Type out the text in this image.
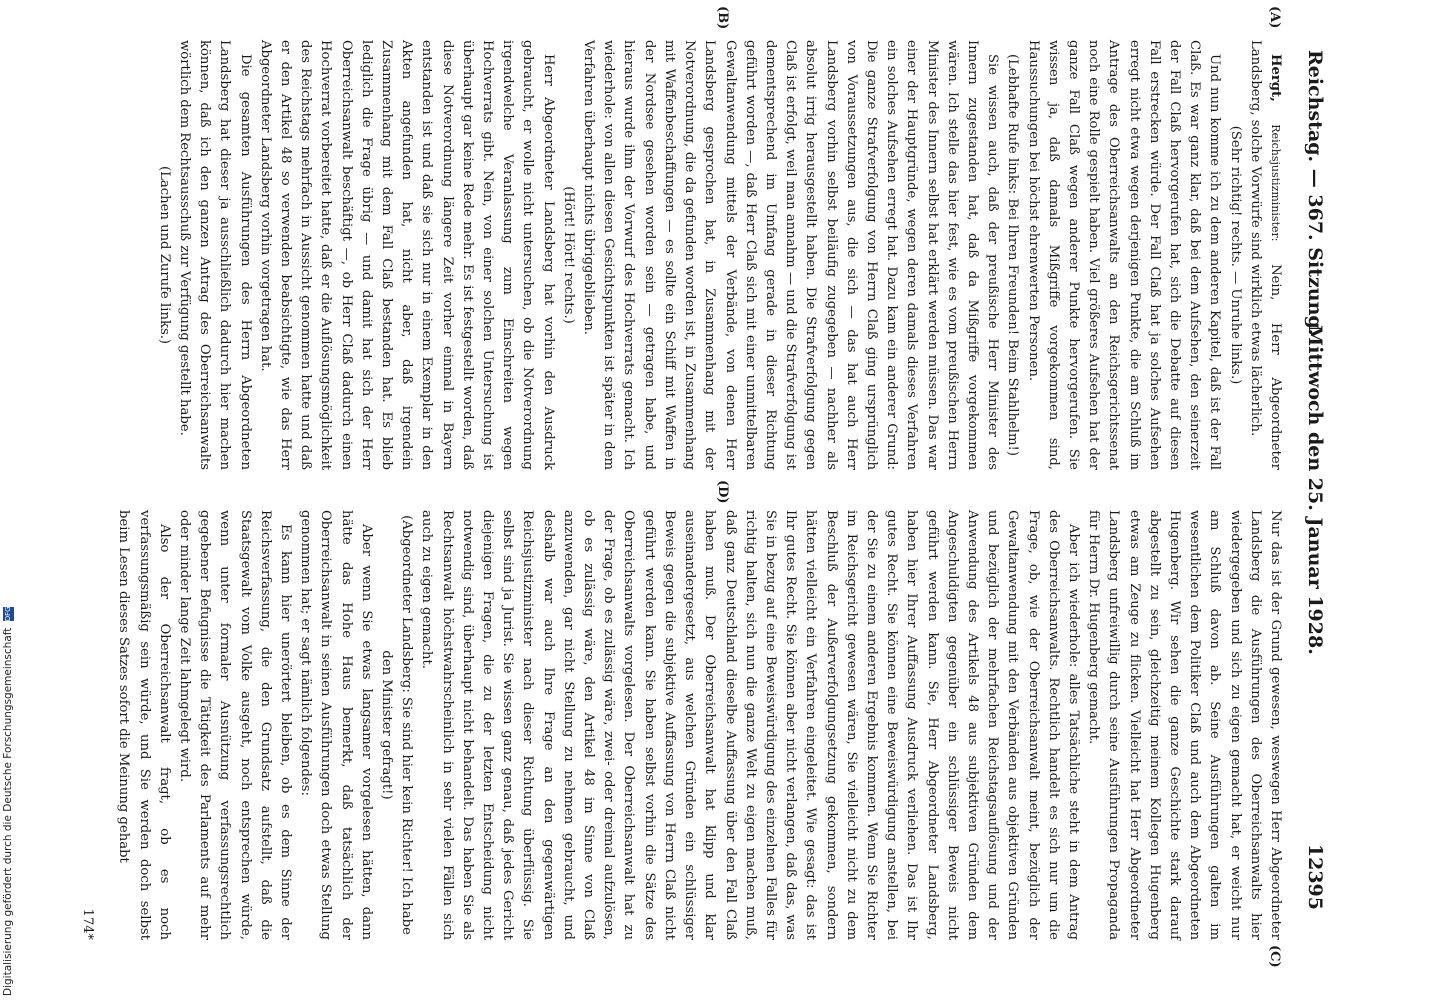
Reichstag. — 367. Sitzung.
Mittwoch den 25. Januar 1928.
12395
(A)
(B)
(C)
(D)

Hergt, Reichsjustizminister: Nein, Herr Abgeordneter Landsberg, solche Vorwürfe sind wirklich etwas lächerlich.

(Sehr richtig! rechts. — Unruhe links.)

Und nun komme ich zu dem anderen Kapitel, daß ist der Fall Claß. Es war ganz klar, daß bei dem Aufsehen, den seinerzeit der Fall Claß hervorgerufen hat, sich die Debatte auf diesen Fall erstrecken würde. Der Fall Claß hat ja solches Aufsehen erregt nicht etwa wegen derjenigen Punkte, die am Schluß im Antrage des Oberreichsanwalts an den Reichsgerichtssenat noch eine Rolle gespielt haben. Viel größeres Aufsehen hat der ganze Fall Claß wegen anderer Punkte hervorgerufen. Sie wissen ja, daß damals Mißgriffe vorgekommen sind, Haussuchungen bei höchst ehrenwerten Personen.

(Lebhafte Rufe links: Bei Ihren Freunden! Beim Stahlhelm!)

Sie wissen auch, daß der preußische Herr Minister des Innern zugestanden hat, daß da Mißgriffe vorgekommen wären. Ich stelle das hier fest, wie es vom preußischen Herrn Minister des Innern selbst hat erklärt werden müssen. Das war einer der Hauptgründe, wegen deren damals dieses Verfahren ein solches Aufsehen erregt hat. Dazu kam ein anderer Grund: Die ganze Strafverfolgung von Herrn Claß ging ursprünglich von Voraussetzungen aus, die sich — das hat auch Herr Landsberg vorhin selbst beiläufig zugegeben — nachher als absolut irrig herausgestellt haben. Die Strafverfolgung gegen Claß ist erfolgt, weil man annahm — und die Strafverfolgung ist dementsprechend im Umfang gerade in dieser Richtung geführt worden —, daß Herr Claß sich mit einer unmittelbaren Gewaltanwendung mittels der Verbände, von denen Herr Landsberg gesprochen hat, in Zusammenhang mit der Notverordnung, die da gefunden worden ist, in Zusammenhang mit Waffenbeschaffungen — es sollte ein Schiff mit Waffen in der Nordsee gesehen worden sein — getragen habe, und hieraus wurde ihm der Vorwurf des Hochverrats gemacht. Ich wiederhole: von allen diesen Gesichtspunkten ist später in dem Verfahren überhaupt nichts übriggeblieben.

(Hört! Hört! rechts.)

Herr Abgeordneter Landsberg hat vorhin den Ausdruck gebraucht, er wolle nicht untersuchen, ob die Notverordnung irgendwelche Veranlassung zum Einschreiten wegen Hochverrats gibt. Nein, von einer solchen Untersuchung ist überhaupt gar keine Rede mehr. Es ist festgestellt worden, daß diese Notverordnung längere Zeit vorher einmal in Bayern entstanden ist und daß sie sich nur in einem Exemplar in den Akten angefunden hat, nicht aber, daß irgendein Zusammenhang mit dem Fall Claß bestanden hat. Es blieb lediglich die Frage übrig — und damit hat sich der Herr Oberreichsanwalt beschäftigt —, ob Herr Claß dadurch einen Hochverrat vorbereitet hatte, daß er die Auflösungsmöglichkeit des Reichstags mehrfach in Aussicht genommen hatte und daß er den Artikel 48 so verwenden beabsichtigte, wie das Herr Abgeordneter Landsberg vorhin vorgetragen hat.

Die gesamten Ausführungen des Herrn Abgeordneten Landsberg hat dieser ja ausschließlich dadurch hier machen können, daß ich den ganzen Antrag des Oberreichsanwalts wörtlich dem Rechtsausschuß zur Verfügung gestellt habe.

(Lachen und Zurufe links.)

Nur das ist der Grund gewesen, weswegen Herr Abgeordneter Landsberg die Ausführungen des Oberreichsanwalts hier wiedergegeben und sich zu eigen gemacht hat, er weicht nur am Schluß davon ab. Seine Ausführungen galten im wesentlichen dem Politiker Claß und auch dem Abgeordneten Hugenberg. Wir sehen die ganze Geschichte stark darauf abgestellt zu sein, gleichzeitig meinem Kollegen Hugenberg etwas am Zeuge zu flicken. Vielleicht hat Herr Abgeordneter Landsberg unfreiwillig durch seine Ausführungen Propaganda für Herrn Dr. Hugenberg gemacht.

Aber ich wiederhole: alles Tatsächliche steht in dem Antrag des Oberreichsanwalts. Rechtlich handelt es sich nur um die Frage, ob, wie der Oberreichsanwalt meint, bezüglich der Gewaltanwendung mit den Verbänden aus objektiven Gründen und bezüglich der mehrfachen Reichstagsauflösung und der Anwendung des Artikels 48 aus subjektiven Gründen dem Angeschuldigten gegenüber ein schlüssiger Beweis nicht geführt werden kann. Sie, Herr Abgeordneter Landsberg, haben hier Ihrer Auffassung Ausdruck verliehen. Das ist Ihr gutes Recht. Sie können eine Beweiswürdigung anstellen, bei der Sie zu einem anderen Ergebnis kommen. Wenn Sie Richter im Reichsgericht gewesen wären, Sie vielleicht nicht zu dem Beschluß der Außerverfolgungsetzung gekommen, sondern hätten vielleicht ein Verfahren eingeleitet. Wie gesagt: das ist Ihr gutes Recht. Sie können aber nicht verlangen, daß das, was Sie in bezug auf eine Beweiswürdigung des einzelnen Falles für richtig halten, sich nun die ganze Welt zu eigen machen muß, daß ganz Deutschland dieselbe Auffassung über den Fall Claß haben muß. Der Oberreichsanwalt hat klipp und klar auseinandergesetzt, aus welchen Gründen ein schlüssiger Beweis gegen die subjektive Auffassung von Herrn Claß nicht geführt werden kann. Sie haben selbst vorhin die Sätze des Oberreichsanwalts vorgelesen. Der Oberreichsanwalt hat zu der Frage, ob es zulässig wäre, zwei- oder dreimal aufzulösen, ob es zulässig wäre, den Artikel 48 im Sinne von Claß anzuwenden, gar nicht Stellung zu nehmen gebraucht, und deshalb war auch Ihre Frage an den gegenwärtigen Reichsjustizminister nach dieser Richtung überflüssig. Sie selbst sind ja Jurist. Sie wissen ganz genau, daß jedes Gericht diejenigen Fragen, die zu der letzten Entscheidung nicht notwendig sind, überhaupt nicht behandelt. Das haben Sie als Rechtsanwalt höchstwahrscheinlich in sehr vielen Fällen sich auch zu eigen gemacht.

(Abgeordneter Landsberg: Sie sind hier kein Richter! Ich habe den Minister gefragt!)

Aber wenn Sie etwas langsamer vorgelesen hätten, dann hätte das Hohe Haus bemerkt, daß tatsächlich der Oberreichsanwalt in seinen Ausführungen doch etwas Stellung genommen hat; er sagt nämlich folgendes:

Es kann hier unerörtert bleiben, ob es dem Sinne der Reichsverfassung, die den Grundsatz aufstellt, daß die Staatsgewalt vom Volke ausgeht, noch entsprechen würde, wenn unter formaler Ausnützung verfassungsrechtlich gegebener Befugnisse die Tätigkeit des Parlaments auf mehr oder minder lange Zeit lahmgelegt wird.

Also der Oberreichsanwalt fragt, ob es noch verfassungsmäßig sein würde, und Sie werden doch selbst beim Lesen dieses Satzes sofort die Meinung gehabt

174*
Digitalisierung gefördert durch die Deutsche Forschungsgemeinschaft DFG
